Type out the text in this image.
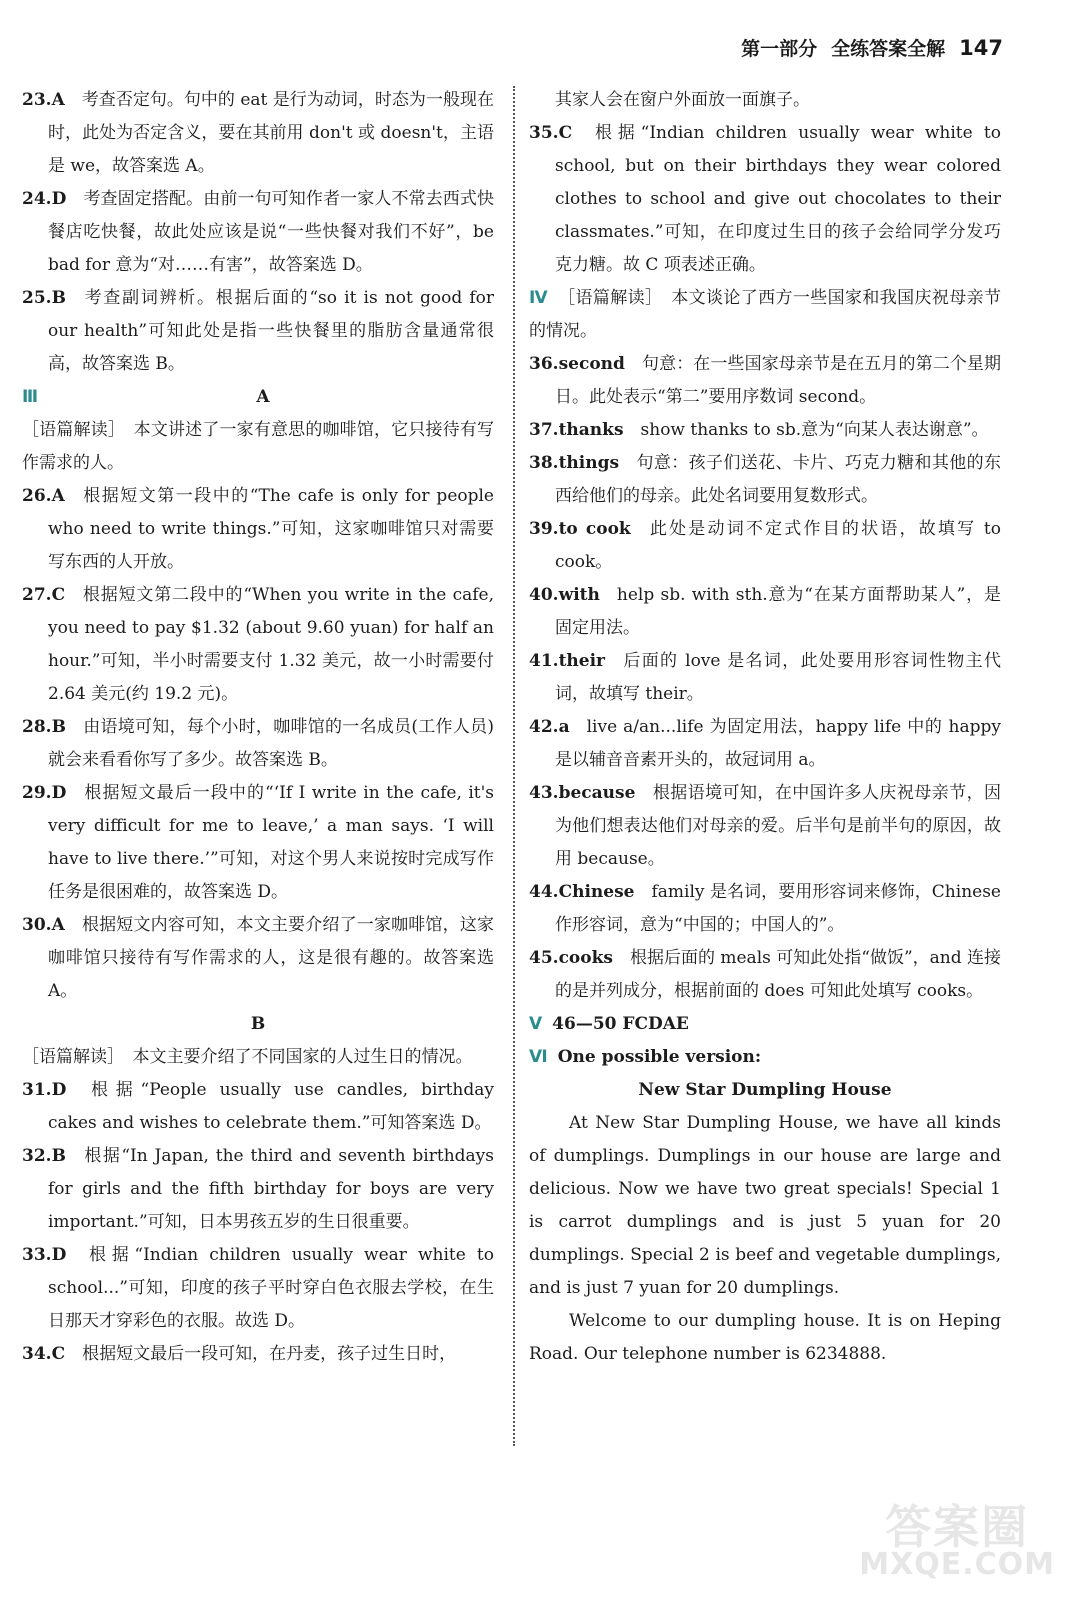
第一部分 全练答案全解 147
23.A  考查否定句。句中的 eat 是行为动词，时态为一般现在时，此处为否定含义，要在其前用 don't 或 doesn't，主语是 we，故答案选 A。
24.D  考查固定搭配。由前一句可知作者一家人不常去西式快餐店吃快餐，故此处应该是说“一些快餐对我们不好”，be bad for 意为“对……有害”，故答案选 D。
25.B  考查副词辨析。根据后面的“so it is not good for our health”可知此处是指一些快餐里的脂肪含量通常很高，故答案选 B。
Ⅲ	A
［语篇解读］　本文讲述了一家有意思的咖啡馆，它只接待有写作需求的人。
26.A  根据短文第一段中的“The cafe is only for people who need to write things.”可知，这家咖啡馆只对需要写东西的人开放。
27.C  根据短文第二段中的“When you write in the cafe, you need to pay $1.32 (about 9.60 yuan) for half an hour.”可知，半小时需要支付 1.32 美元，故一小时需要付 2.64 美元(约 19.2 元)。
28.B  由语境可知，每个小时，咖啡馆的一名成员(工作人员)就会来看看你写了多少。故答案选 B。
29.D  根据短文最后一段中的“‘If I write in the cafe, it's very difficult for me to leave,’ a man says. ‘I will have to live there.’”可知，对这个男人来说按时完成写作任务是很困难的，故答案选 D。
30.A  根据短文内容可知，本文主要介绍了一家咖啡馆，这家咖啡馆只接待有写作需求的人，这是很有趣的。故答案选 A。
B
［语篇解读］　本文主要介绍了不同国家的人过生日的情况。
31.D  根据“People usually use candles, birthday cakes and wishes to celebrate them.”可知答案选 D。
32.B  根据“In Japan, the third and seventh birthdays for girls and the fifth birthday for boys are very important.”可知，日本男孩五岁的生日很重要。
33.D  根据“Indian children usually wear white to school...”可知，印度的孩子平时穿白色衣服去学校，在生日那天才穿彩色的衣服。故选 D。
34.C  根据短文最后一段可知，在丹麦，孩子过生日时，
其家人会在窗户外面放一面旗子。
35.C  根据“Indian children usually wear white to school, but on their birthdays they wear colored clothes to school and give out chocolates to their classmates.”可知，在印度过生日的孩子会给同学分发巧克力糖。故 C 项表述正确。
Ⅳ ［语篇解读］　本文谈论了西方一些国家和我国庆祝母亲节的情况。
36.second  句意：在一些国家母亲节是在五月的第二个星期日。此处表示“第二”要用序数词 second。
37.thanks  show thanks to sb.意为“向某人表达谢意”。
38.things  句意：孩子们送花、卡片、巧克力糖和其他的东西给他们的母亲。此处名词要用复数形式。
39.to cook  此处是动词不定式作目的状语，故填写 to cook。
40.with  help sb. with sth.意为“在某方面帮助某人”，是固定用法。
41.their  后面的 love 是名词，此处要用形容词性物主代词，故填写 their。
42.a  live a/an...life 为固定用法，happy life 中的 happy 是以辅音音素开头的，故冠词用 a。
43.because  根据语境可知，在中国许多人庆祝母亲节，因为他们想表达他们对母亲的爱。后半句是前半句的原因，故用 because。
44.Chinese  family 是名词，要用形容词来修饰，Chinese 作形容词，意为“中国的；中国人的”。
45.cooks  根据后面的 meals 可知此处指“做饭”，and 连接的是并列成分，根据前面的 does 可知此处填写 cooks。
Ⅴ 46—50 FCDAE
Ⅵ One possible version:
New Star Dumpling House
At New Star Dumpling House, we have all kinds of dumplings. Dumplings in our house are large and delicious. Now we have two great specials! Special 1 is carrot dumplings and is just 5 yuan for 20 dumplings. Special 2 is beef and vegetable dumplings, and is just 7 yuan for 20 dumplings.
Welcome to our dumpling house. It is on Heping Road. Our telephone number is 6234888.
答案圈
MXQE.COM
